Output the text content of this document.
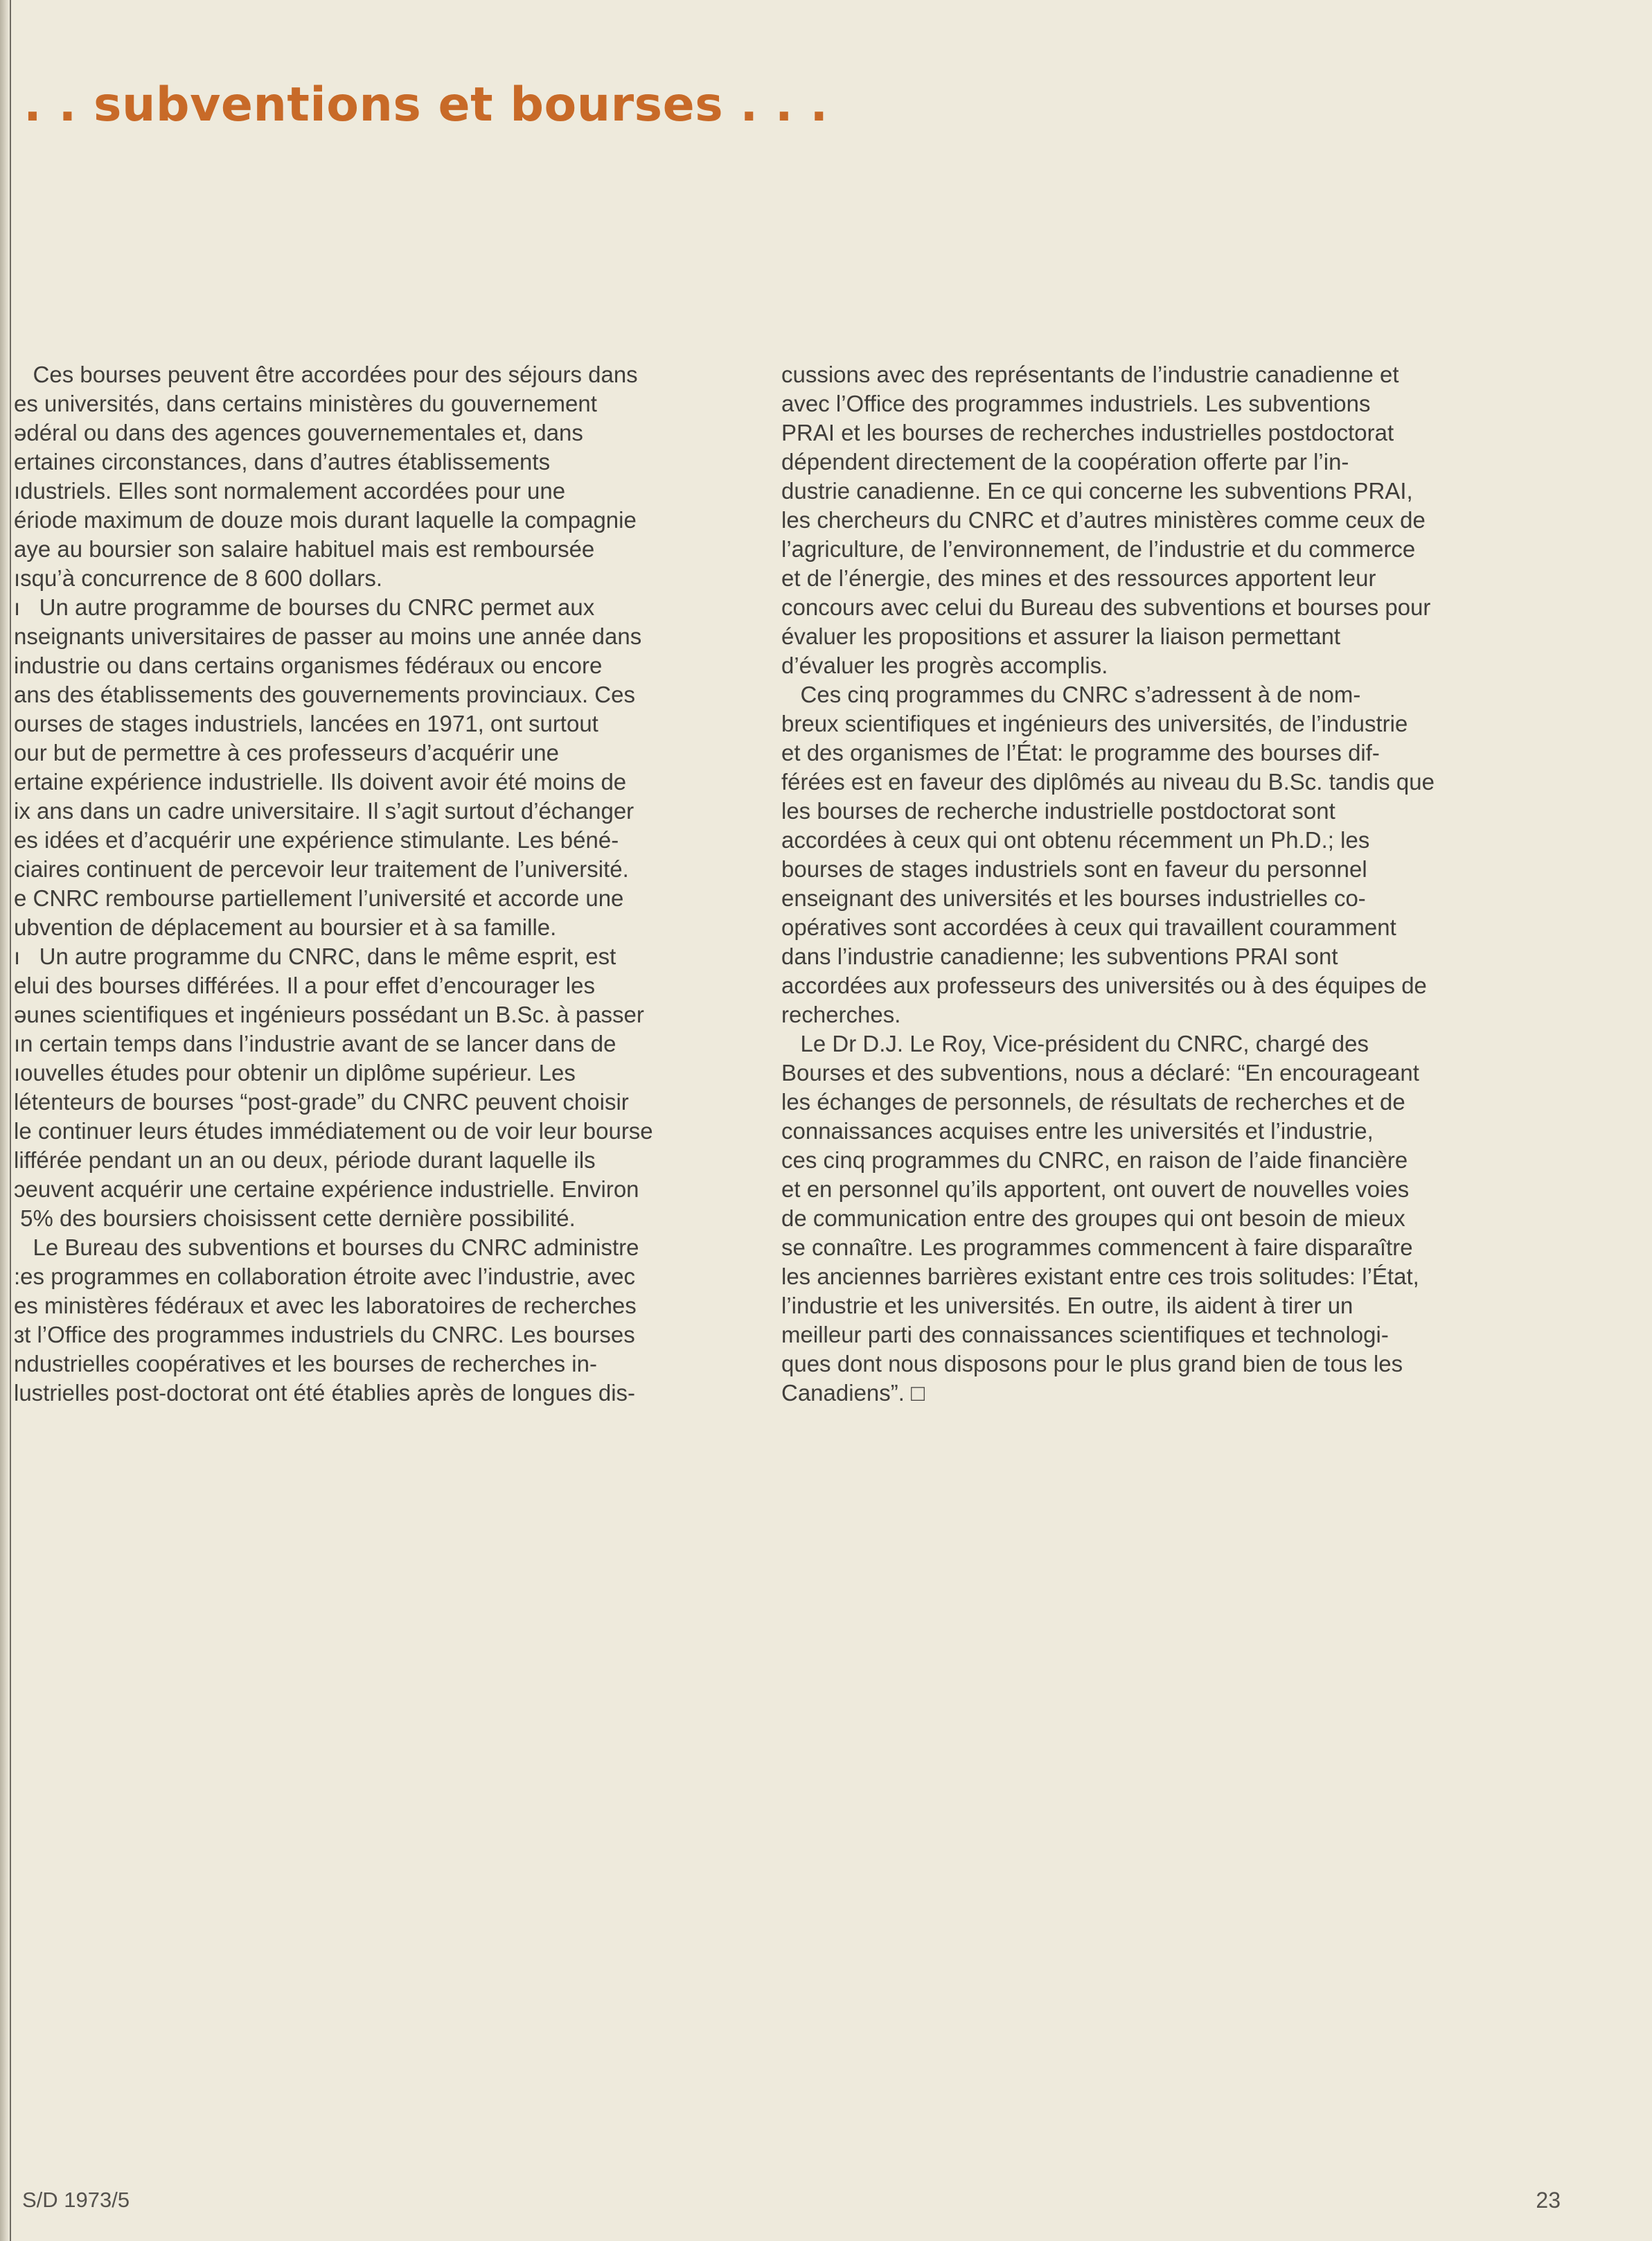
. . subventions et bourses . . .
Ces bourses peuvent être accordées pour des séjours dans
es universités, dans certains ministères du gouvernement
ədéral ou dans des agences gouvernementales et, dans
ertaines circonstances, dans d’autres établissements
ıdustriels. Elles sont normalement accordées pour une
ériode maximum de douze mois durant laquelle la compagnie
aye au boursier son salaire habituel mais est remboursée
ısqu’à concurrence de 8 600 dollars.
ı   Un autre programme de bourses du CNRC permet aux
nseignants universitaires de passer au moins une année dans
industrie ou dans certains organismes fédéraux ou encore
ans des établissements des gouvernements provinciaux. Ces
ourses de stages industriels, lancées en 1971, ont surtout
our but de permettre à ces professeurs d’acquérir une
ertaine expérience industrielle. Ils doivent avoir été moins de
ix ans dans un cadre universitaire. Il s’agit surtout d’échanger
es idées et d’acquérir une expérience stimulante. Les béné-
ciaires continuent de percevoir leur traitement de l’université.
e CNRC rembourse partiellement l’université et accorde une
ubvention de déplacement au boursier et à sa famille.
ı   Un autre programme du CNRC, dans le même esprit, est
elui des bourses différées. Il a pour effet d’encourager les
əunes scientifiques et ingénieurs possédant un B.Sc. à passer
ın certain temps dans l’industrie avant de se lancer dans de
ıouvelles études pour obtenir un diplôme supérieur. Les
létenteurs de bourses “post-grade” du CNRC peuvent choisir
le continuer leurs études immédiatement ou de voir leur bourse
lifférée pendant un an ou deux, période durant laquelle ils
ɔeuvent acquérir une certaine expérience industrielle. Environ
5% des boursiers choisissent cette dernière possibilité.
Le Bureau des subventions et bourses du CNRC administre
:es programmes en collaboration étroite avec l’industrie, avec
es ministères fédéraux et avec les laboratoires de recherches
ɜt l’Office des programmes industriels du CNRC. Les bourses
ndustrielles coopératives et les bourses de recherches in-
lustrielles post-doctorat ont été établies après de longues dis-
cussions avec des représentants de l’industrie canadienne et
avec l’Office des programmes industriels. Les subventions
PRAI et les bourses de recherches industrielles postdoctorat
dépendent directement de la coopération offerte par l’in-
dustrie canadienne. En ce qui concerne les subventions PRAI,
les chercheurs du CNRC et d’autres ministères comme ceux de
l’agriculture, de l’environnement, de l’industrie et du commerce
et de l’énergie, des mines et des ressources apportent leur
concours avec celui du Bureau des subventions et bourses pour
évaluer les propositions et assurer la liaison permettant
d’évaluer les progrès accomplis.
Ces cinq programmes du CNRC s’adressent à de nom-
breux scientifiques et ingénieurs des universités, de l’industrie
et des organismes de l’État: le programme des bourses dif-
férées est en faveur des diplômés au niveau du B.Sc. tandis que
les bourses de recherche industrielle postdoctorat sont
accordées à ceux qui ont obtenu récemment un Ph.D.; les
bourses de stages industriels sont en faveur du personnel
enseignant des universités et les bourses industrielles co-
opératives sont accordées à ceux qui travaillent couramment
dans l’industrie canadienne; les subventions PRAI sont
accordées aux professeurs des universités ou à des équipes de
recherches.
Le Dr D.J. Le Roy, Vice-président du CNRC, chargé des
Bourses et des subventions, nous a déclaré: “En encourageant
les échanges de personnels, de résultats de recherches et de
connaissances acquises entre les universités et l’industrie,
ces cinq programmes du CNRC, en raison de l’aide financière
et en personnel qu’ils apportent, ont ouvert de nouvelles voies
de communication entre des groupes qui ont besoin de mieux
se connaître. Les programmes commencent à faire disparaître
les anciennes barrières existant entre ces trois solitudes: l’État,
l’industrie et les universités. En outre, ils aident à tirer un
meilleur parti des connaissances scientifiques et technologi-
ques dont nous disposons pour le plus grand bien de tous les
Canadiens”. □
S/D 1973/5	23
